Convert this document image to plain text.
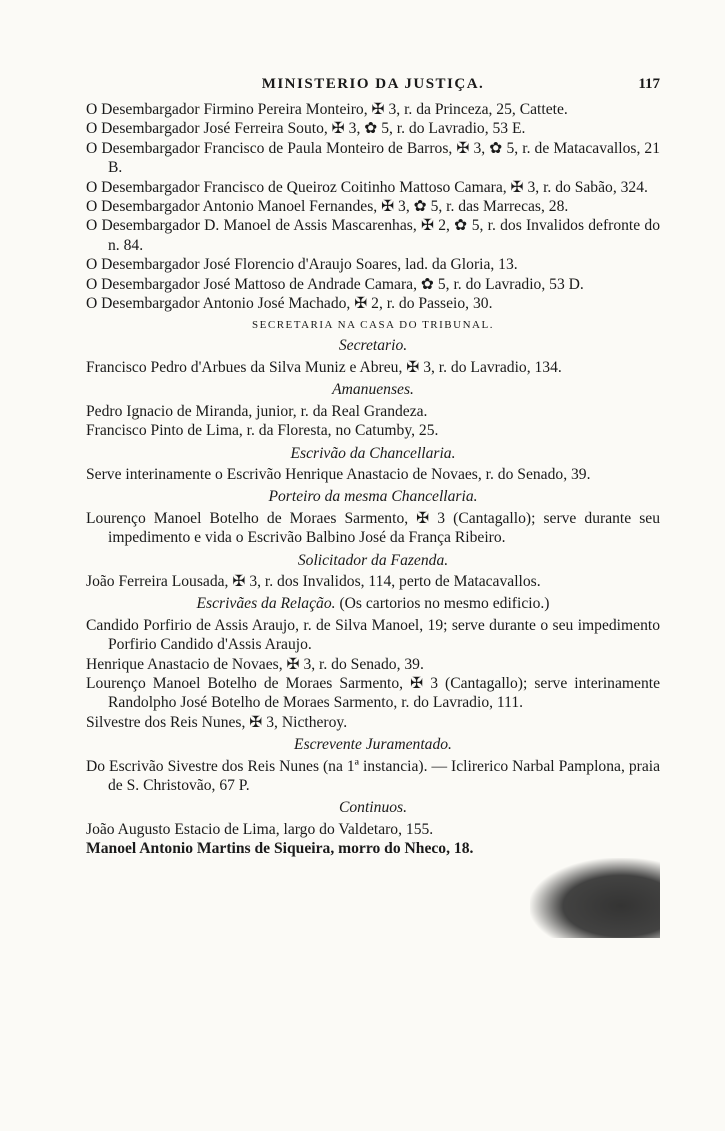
MINISTERIO DA JUSTIÇA.	117
O Desembargador Firmino Pereira Monteiro, ✠ 3, r. da Princeza, 25, Cattete.
O Desembargador José Ferreira Souto, ✠ 3, ✿ 5, r. do Lavradio, 53 E.
O Desembargador Francisco de Paula Monteiro de Barros, ✠ 3, ✿ 5, r. de Matacavallos, 21 B.
O Desembargador Francisco de Queiroz Coitinho Mattoso Camara, ✠ 3, r. do Sabão, 324.
O Desembargador Antonio Manoel Fernandes, ✠ 3, ✿ 5, r. das Marrecas, 28.
O Desembargador D. Manoel de Assis Mascarenhas, ✠ 2, ✿ 5, r. dos Invalidos defronte do n. 84.
O Desembargador José Florencio d'Araujo Soares, lad. da Gloria, 13.
O Desembargador José Mattoso de Andrade Camara, ✿ 5, r. do Lavradio, 53 D.
O Desembargador Antonio José Machado, ✠ 2, r. do Passeio, 30.
SECRETARIA NA CASA DO TRIBUNAL.
Secretario.
Francisco Pedro d'Arbues da Silva Muniz e Abreu, ✠ 3, r. do Lavradio, 134.
Amanuenses.
Pedro Ignacio de Miranda, junior, r. da Real Grandeza.
Francisco Pinto de Lima, r. da Floresta, no Catumby, 25.
Escrivão da Chancellaria.
Serve interinamente o Escrivão Henrique Anastacio de Novaes, r. do Senado, 39.
Porteiro da mesma Chancellaria.
Lourenço Manoel Botelho de Moraes Sarmento, ✠ 3 (Cantagallo); serve durante seu impedimento e vida o Escrivão Balbino José da França Ribeiro.
Solicitador da Fazenda.
João Ferreira Lousada, ✠ 3, r. dos Invalidos, 114, perto de Matacavallos.
Escrivães da Relação. (Os cartorios no mesmo edificio.)
Candido Porfirio de Assis Araujo, r. de Silva Manoel, 19; serve durante o seu impedimento Porfirio Candido d'Assis Araujo.
Henrique Anastacio de Novaes, ✠ 3, r. do Senado, 39.
Lourenço Manoel Botelho de Moraes Sarmento, ✠ 3 (Cantagallo); serve interinamente Randolpho José Botelho de Moraes Sarmento, r. do Lavradio, 111.
Silvestre dos Reis Nunes, ✠ 3, Nictheroy.
Escrevente Juramentado.
Do Escrivão Sivestre dos Reis Nunes (na 1ª instancia). — Iclirerico Narbal Pamplona, praia de S. Christovão, 67 P.
Continuos.
João Augusto Estacio de Lima, largo do Valdetaro, 155.
Manoel Antonio Martins de Siqueira, morro do Nheco, 18.
